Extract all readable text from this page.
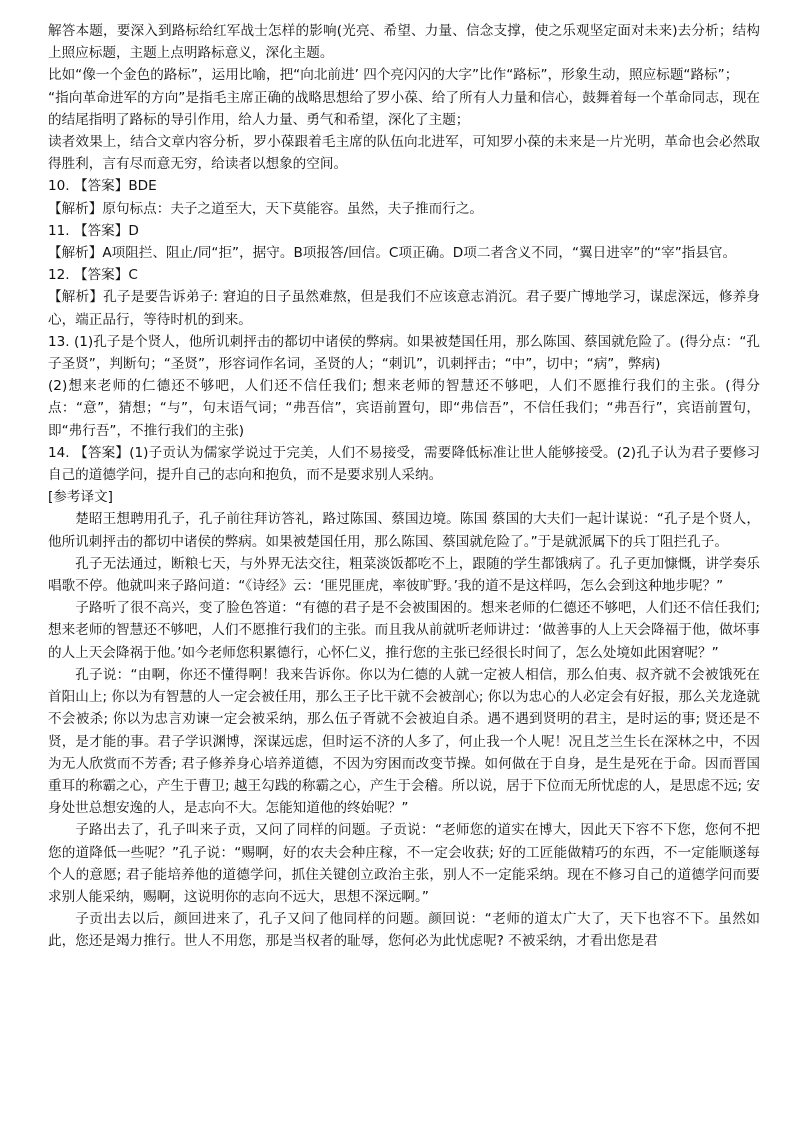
解答本题，要深入到路标给红军战士怎样的影响(光亮、希望、力量、信念支撑，使之乐观坚定面对未来)去分析；结构上照应标题，主题上点明路标意义，深化主题。

比如“像一个金色的路标”，运用比喻，把“向北前进’ 四个亮闪闪的大字”比作“路标”，形象生动，照应标题“路标”；

“指向革命进军的方向”是指毛主席正确的战略思想给了罗小葆、给了所有人力量和信心，鼓舞着每一个革命同志，现在的结尾指明了路标的导引作用，给人力量、勇气和希望，深化了主题；

读者效果上，结合文章内容分析，罗小葆跟着毛主席的队伍向北进军，可知罗小葆的未来是一片光明，革命也会必然取得胜利，言有尽而意无穷，给读者以想象的空间。

10. 【答案】BDE

【解析】原句标点：夫子之道至大，天下莫能容。虽然，夫子推而行之。

11. 【答案】D

【解析】A项阻拦、阻止/同“拒”，据守。B项报答/回信。C项正确。D项二者含义不同，“翼日进宰”的“宰”指县官。

12. 【答案】C

【解析】孔子是要告诉弟子: 窘迫的日子虽然难熬，但是我们不应该意志消沉。君子要广博地学习，谋虑深远，修养身心，端正品行，等待时机的到来。

13. (1)孔子是个贤人，他所讥刺抨击的都切中诸侯的弊病。如果被楚国任用，那么陈国、蔡国就危险了。(得分点：“孔子圣贤”，判断句；“圣贤”，形容词作名词，圣贤的人；“刺讥”，讥刺抨击；“中”，切中；“病”，弊病)

(2)想来老师的仁德还不够吧，人们还不信任我们; 想来老师的智慧还不够吧，人们不愿推行我们的主张。(得分点：“意”，猜想；“与”，句末语气词；“弗吾信”，宾语前置句，即“弗信吾”，不信任我们；“弗吾行”，宾语前置句，即“弗行吾”，不推行我们的主张)

14. 【答案】(1)子贡认为儒家学说过于完美，人们不易接受，需要降低标准让世人能够接受。(2)孔子认为君子要修习自己的道德学问，提升自己的志向和抱负，而不是要求别人采纳。

[参考译文]

楚昭王想聘用孔子，孔子前往拜访答礼，路过陈国、蔡国边境。陈国 蔡国的大夫们一起计谋说：“孔子是个贤人，他所讥刺抨击的都切中诸侯的弊病。如果被楚国任用，那么陈国、蔡国就危险了。”于是就派属下的兵丁阻拦孔子。

孔子无法通过，断粮七天，与外界无法交往，粗菜淡饭都吃不上，跟随的学生都饿病了。孔子更加慷慨，讲学奏乐唱歌不停。他就叫来子路问道：“《诗经》云：‘匪兕匪虎，率彼旷野。’我的道不是这样吗，怎么会到这种地步呢？”

子路听了很不高兴，变了脸色答道：“有德的君子是不会被围困的。想来老师的仁德还不够吧，人们还不信任我们; 想来老师的智慧还不够吧，人们不愿推行我们的主张。而且我从前就听老师讲过：‘做善事的人上天会降福于他，做坏事的人上天会降祸于他。’如今老师您积累德行，心怀仁义，推行您的主张已经很长时间了，怎么处境如此困窘呢？”

孔子说：“由啊，你还不懂得啊！我来告诉你。你以为仁德的人就一定被人相信，那么伯夷、叔齐就不会被饿死在首阳山上; 你以为有智慧的人一定会被任用，那么王子比干就不会被剖心; 你以为忠心的人必定会有好报，那么关龙逄就不会被杀; 你以为忠言劝谏一定会被采纳，那么伍子胥就不会被迫自杀。遇不遇到贤明的君主，是时运的事; 贤还是不贤，是才能的事。君子学识渊博，深谋远虑，但时运不济的人多了，何止我一个人呢！况且芝兰生长在深林之中，不因为无人欣赏而不芳香; 君子修养身心培养道德，不因为穷困而改变节操。如何做在于自身，是生是死在于命。因而晋国重耳的称霸之心，产生于曹卫; 越王勾践的称霸之心，产生于会稽。所以说，居于下位而无所忧虑的人，是思虑不远; 安身处世总想安逸的人，是志向不大。怎能知道他的终始呢？”

子路出去了，孔子叫来子贡，又问了同样的问题。子贡说：“老师您的道实在博大，因此天下容不下您，您何不把您的道降低一些呢？”孔子说：“赐啊，好的农夫会种庄稼，不一定会收获; 好的工匠能做精巧的东西，不一定能顺遂每个人的意愿; 君子能培养他的道德学问，抓住关键创立政治主张，别人不一定能采纳。现在不修习自己的道德学问而要求别人能采纳，赐啊，这说明你的志向不远大，思想不深远啊。”

子贡出去以后，颜回进来了，孔子又问了他同样的问题。颜回说：“老师的道太广大了，天下也容不下。虽然如此，您还是竭力推行。世人不用您，那是当权者的耻辱，您何必为此忧虑呢? 不被采纳，才看出您是君
